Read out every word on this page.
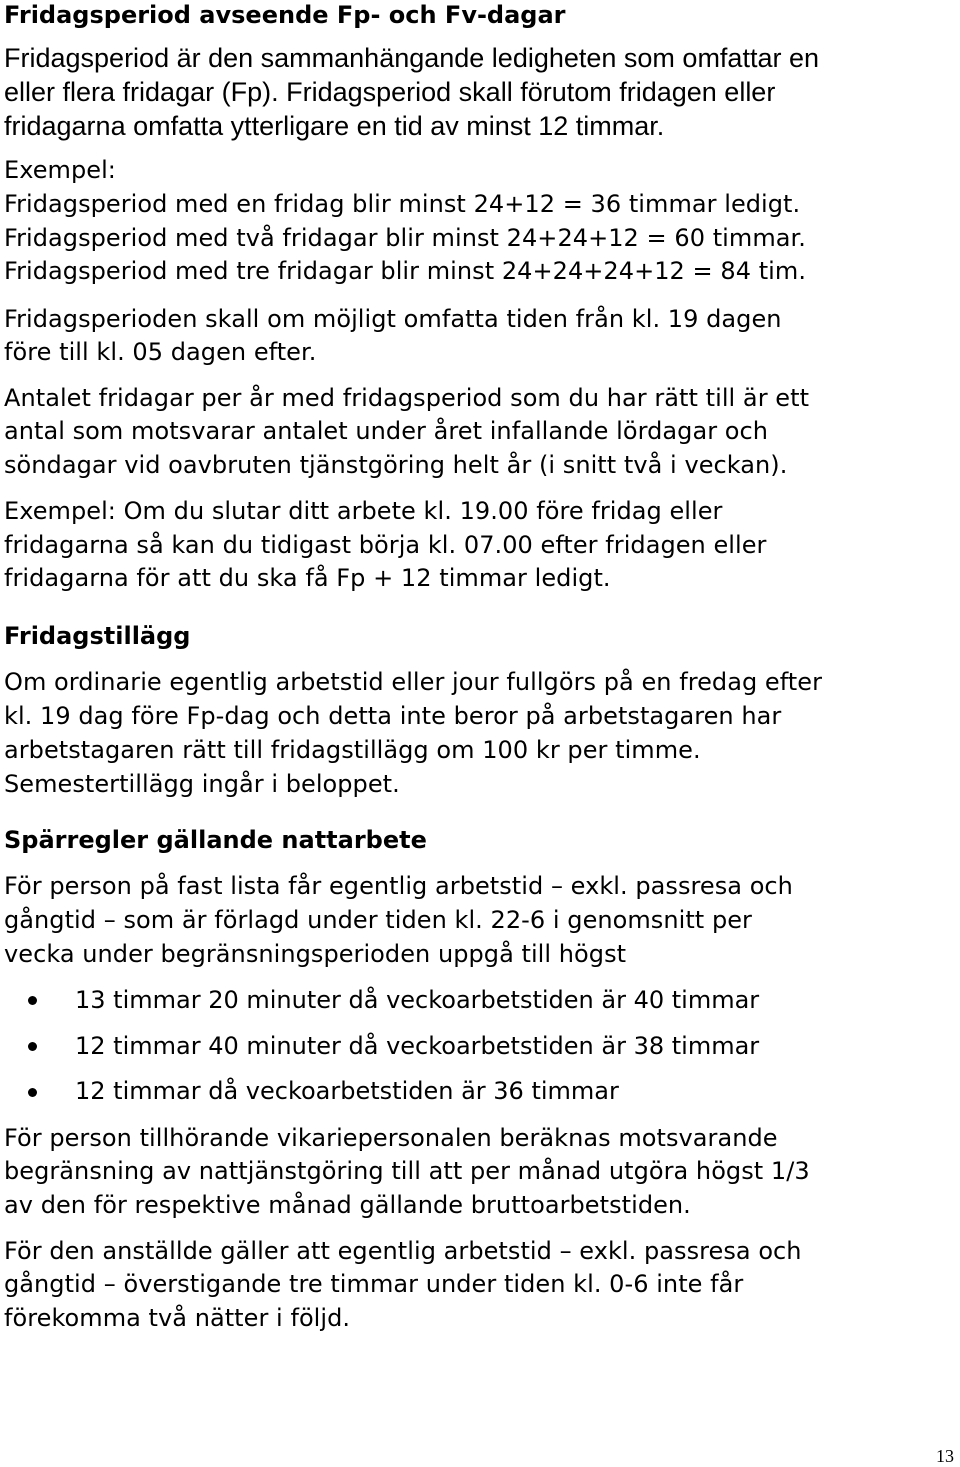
Fridagsperiod avseende Fp- och Fv-dagar
Fridagsperiod är den sammanhängande ledigheten som omfattar en
eller flera fridagar (Fp). Fridagsperiod skall förutom fridagen eller
fridagarna omfatta ytterligare en tid av minst 12 timmar.
Exempel:
Fridagsperiod med en fridag blir minst 24+12 = 36 timmar ledigt.
Fridagsperiod med två fridagar blir minst 24+24+12 = 60 timmar.
Fridagsperiod med tre fridagar blir minst 24+24+24+12 = 84 tim.
Fridagsperioden skall om möjligt omfatta tiden från kl. 19 dagen
före till kl. 05 dagen efter.
Antalet fridagar per år med fridagsperiod som du har rätt till är ett
antal som motsvarar antalet under året infallande lördagar och
söndagar vid oavbruten tjänstgöring helt år (i snitt två i veckan).
Exempel: Om du slutar ditt arbete kl. 19.00 före fridag eller
fridagarna så kan du tidigast börja kl. 07.00 efter fridagen eller
fridagarna för att du ska få Fp + 12 timmar ledigt.
Fridagstillägg
Om ordinarie egentlig arbetstid eller jour fullgörs på en fredag efter
kl. 19 dag före Fp-dag och detta inte beror på arbetstagaren har
arbetstagaren rätt till fridagstillägg om 100 kr per timme.
Semestertillägg ingår i beloppet.
Spärregler gällande nattarbete
För person på fast lista får egentlig arbetstid – exkl. passresa och
gångtid – som är förlagd under tiden kl. 22-6 i genomsnitt per
vecka under begränsningsperioden uppgå till högst
13 timmar 20 minuter då veckoarbetstiden är 40 timmar
12 timmar 40 minuter då veckoarbetstiden är 38 timmar
12 timmar då veckoarbetstiden är 36 timmar
För person tillhörande vikariepersonalen beräknas motsvarande
begränsning av nattjänstgöring till att per månad utgöra högst 1/3
av den för respektive månad gällande bruttoarbetstiden.
För den anställde gäller att egentlig arbetstid – exkl. passresa och
gångtid – överstigande tre timmar under tiden kl. 0-6 inte får
förekomma två nätter i följd.
13
